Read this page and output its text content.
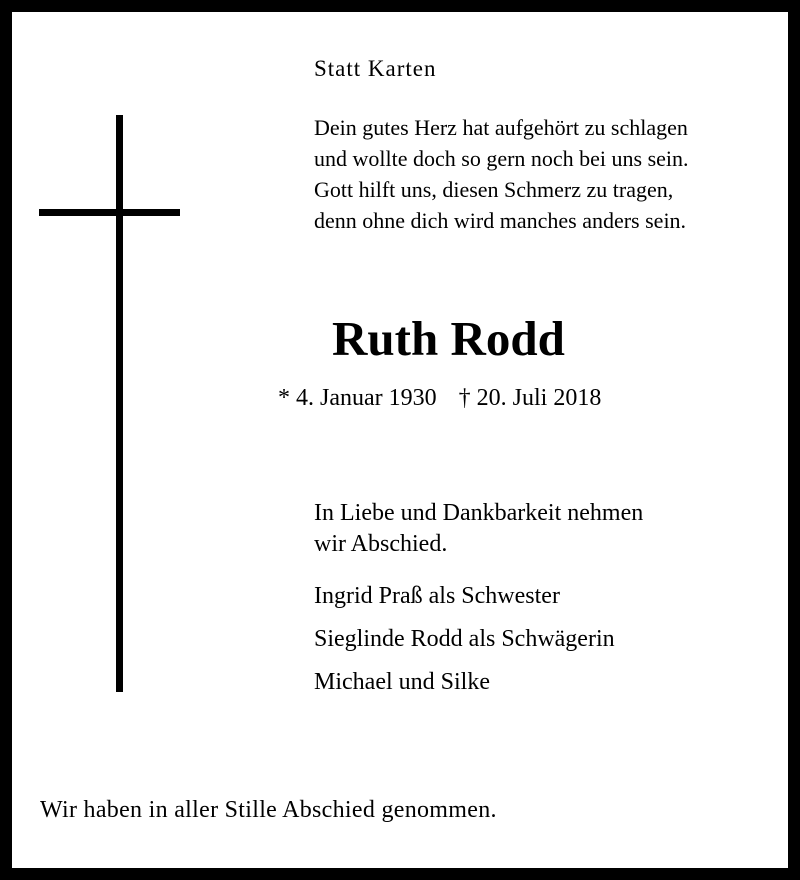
Statt Karten

Dein gutes Herz hat aufgehört zu schlagen
und wollte doch so gern noch bei uns sein.
Gott hilft uns, diesen Schmerz zu tragen,
denn ohne dich wird manches anders sein.
Ruth Rodd
* 4. Januar 1930 † 20. Juli 2018
In Liebe und Dankbarkeit nehmen
wir Abschied.
Ingrid Praß als Schwester
Sieglinde Rodd als Schwägerin
Michael und Silke

Wir haben in aller Stille Abschied genommen.
